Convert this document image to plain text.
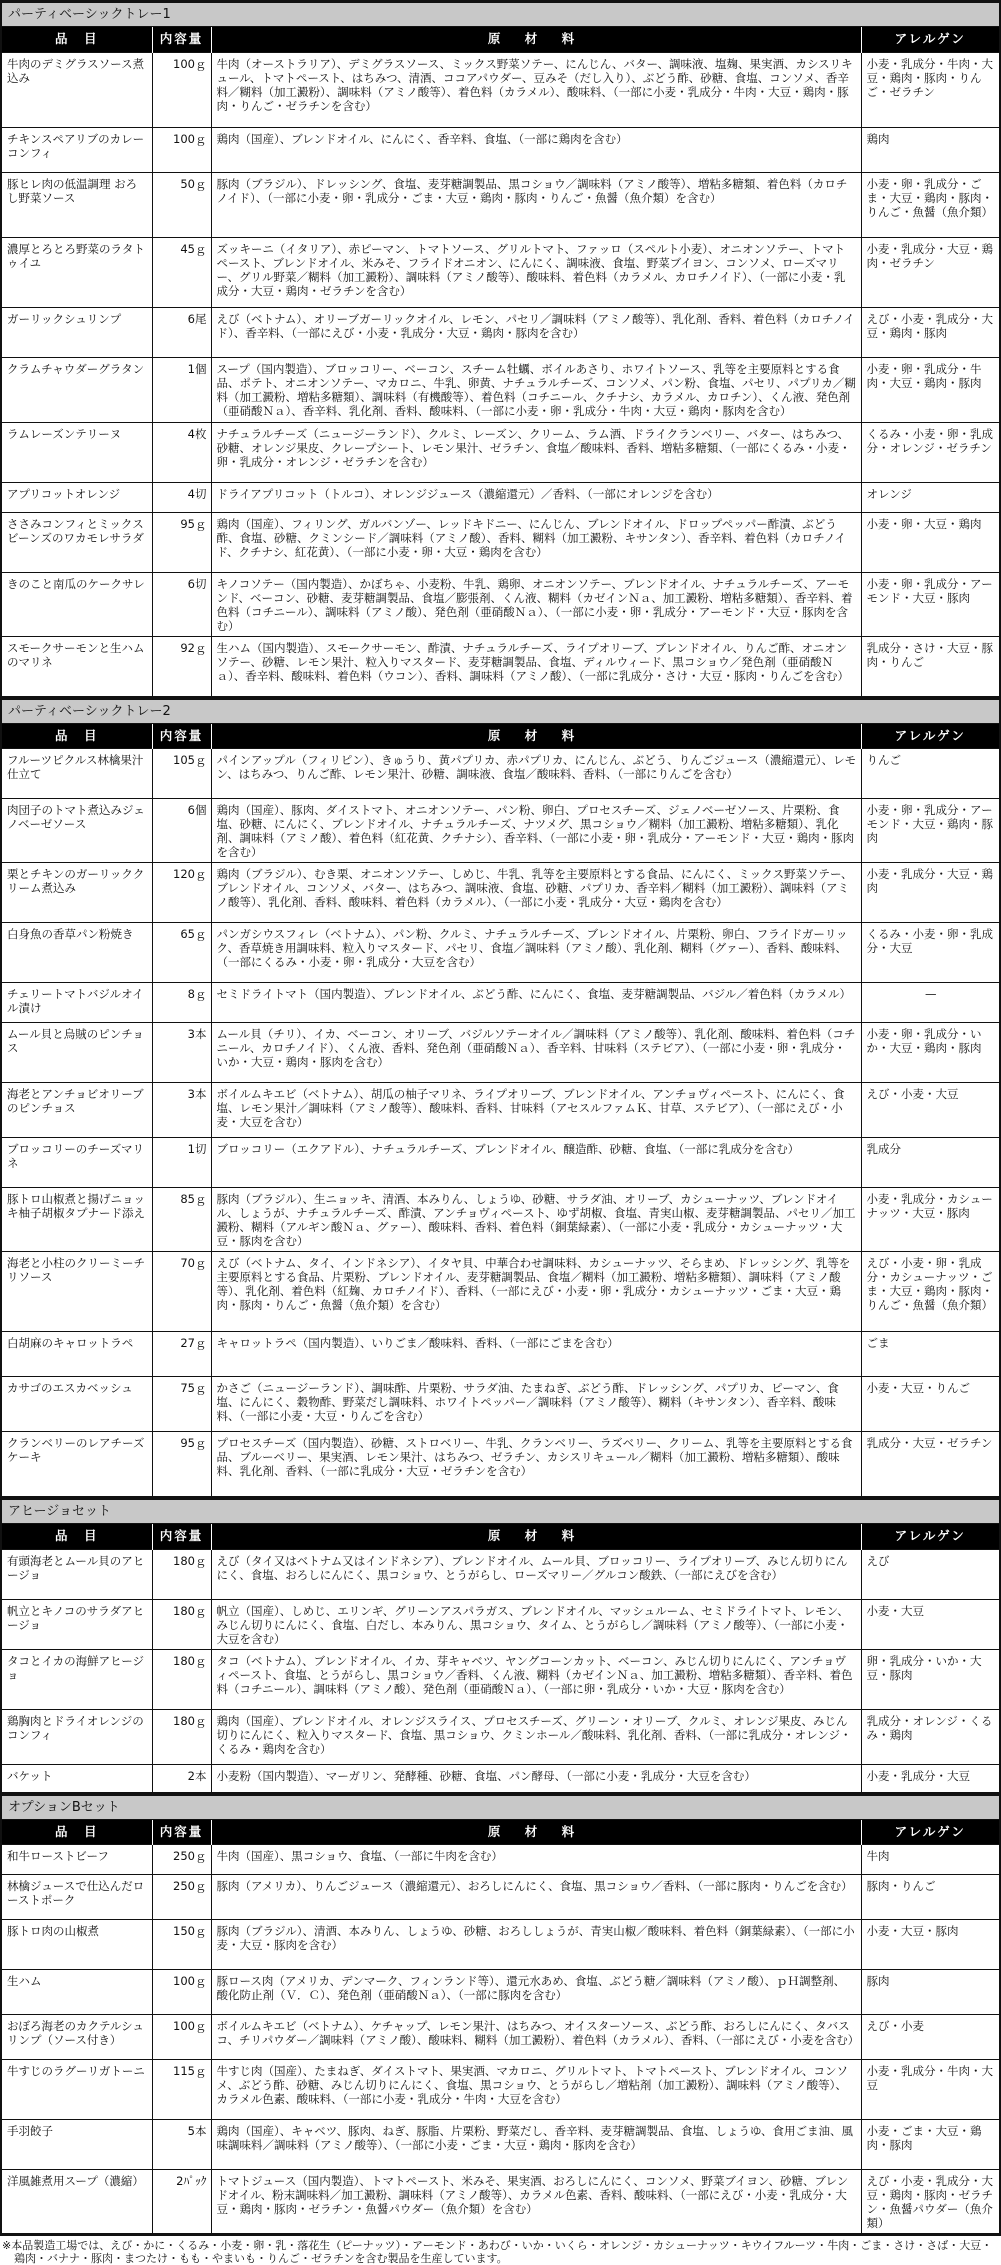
パーティベーシックトレー1
品　目	内容量	原 材 料	アレルゲン
牛肉のデミグラスソース煮込み	100ｇ	牛肉（オーストラリア）、デミグラスソース、ミックス野菜ソテー、にんじん、バター、調味液、塩麹、果実酒、カシスリキュール、トマトペースト、はちみつ、清酒、ココアパウダー、豆みそ（だし入り）、ぶどう酢、砂糖、食塩、コンソメ、香辛料／糊料（加工澱粉）、調味料（アミノ酸等）、着色料（カラメル）、酸味料、（一部に小麦・乳成分・牛肉・大豆・鶏肉・豚肉・りんご・ゼラチンを含む）	小麦・乳成分・牛肉・大豆・鶏肉・豚肉・りんご・ゼラチン
チキンスペアリブのカレーコンフィ	100ｇ	鶏肉（国産）、ブレンドオイル、にんにく、香辛料、食塩、（一部に鶏肉を含む）	鶏肉
豚ヒレ肉の低温調理 おろし野菜ソース	50ｇ	豚肉（ブラジル）、ドレッシング、食塩、麦芽糖調製品、黒コショウ／調味料（アミノ酸等）、増粘多糖類、着色料（カロチノイド）、（一部に小麦・卵・乳成分・ごま・大豆・鶏肉・豚肉・りんご・魚醤（魚介類）を含む）	小麦・卵・乳成分・ごま・大豆・鶏肉・豚肉・りんご・魚醤（魚介類）
濃厚とろとろ野菜のラタトゥイユ	45ｇ	ズッキーニ（イタリア）、赤ピーマン、トマトソース、グリルトマト、ファッロ（スペルト小麦）、オニオンソテー、トマトペースト、ブレンドオイル、米みそ、フライドオニオン、にんにく、調味液、食塩、野菜ブイヨン、コンソメ、ローズマリー、グリル野菜／糊料（加工澱粉）、調味料（アミノ酸等）、酸味料、着色料（カラメル、カロチノイド）、（一部に小麦・乳成分・大豆・鶏肉・ゼラチンを含む）	小麦・乳成分・大豆・鶏肉・ゼラチン
ガーリックシュリンプ	6尾	えび（ベトナム）、オリーブガーリックオイル、レモン、パセリ／調味料（アミノ酸等）、乳化剤、香料、着色料（カロチノイド）、香辛料、（一部にえび・小麦・乳成分・大豆・鶏肉・豚肉を含む）	えび・小麦・乳成分・大豆・鶏肉・豚肉
クラムチャウダーグラタン	1個	スープ（国内製造）、ブロッコリー、ベーコン、スチーム牡蠣、ボイルあさり、ホワイトソース、乳等を主要原料とする食品、ポテト、オニオンソテー、マカロニ、牛乳、卵黄、ナチュラルチーズ、コンソメ、パン粉、食塩、パセリ、パプリカ／糊料（加工澱粉、増粘多糖類）、調味料（有機酸等）、着色料（コチニール、クチナシ、カラメル、カロチン）、くん液、発色剤（亜硝酸Ｎａ）、香辛料、乳化剤、香料、酸味料、（一部に小麦・卵・乳成分・牛肉・大豆・鶏肉・豚肉を含む）	小麦・卵・乳成分・牛肉・大豆・鶏肉・豚肉
ラムレーズンテリーヌ	4枚	ナチュラルチーズ（ニュージーランド）、クルミ、レーズン、クリーム、ラム酒、ドライクランベリー、バター、はちみつ、砂糖、オレンジ果皮、クレープシート、レモン果汁、ゼラチン、食塩／酸味料、香料、増粘多糖類、（一部にくるみ・小麦・卵・乳成分・オレンジ・ゼラチンを含む）	くるみ・小麦・卵・乳成分・オレンジ・ゼラチン
アプリコットオレンジ	4切	ドライアプリコット（トルコ）、オレンジジュース（濃縮還元）／香料、（一部にオレンジを含む）	オレンジ
ささみコンフィとミックスビーンズのワカモレサラダ	95ｇ	鶏肉（国産）、フィリング、ガルバンゾー、レッドキドニー、にんじん、ブレンドオイル、ドロップペッパー酢漬、ぶどう酢、食塩、砂糖、クミンシード／調味料（アミノ酸）、香料、糊料（加工澱粉、キサンタン）、香辛料、着色料（カロチノイド、クチナシ、紅花黄）、（一部に小麦・卵・大豆・鶏肉を含む）	小麦・卵・大豆・鶏肉
きのこと南瓜のケークサレ	6切	キノコソテー（国内製造）、かぼちゃ、小麦粉、牛乳、鶏卵、オニオンソテー、ブレンドオイル、ナチュラルチーズ、アーモンド、ベーコン、砂糖、麦芽糖調製品、食塩／膨張剤、くん液、糊料（カゼインＮａ、加工澱粉、増粘多糖類）、香辛料、着色料（コチニール）、調味料（アミノ酸）、発色剤（亜硝酸Ｎａ）、（一部に小麦・卵・乳成分・アーモンド・大豆・豚肉を含む）	小麦・卵・乳成分・アーモンド・大豆・豚肉
スモークサーモンと生ハムのマリネ	92ｇ	生ハム（国内製造）、スモークサーモン、酢漬、ナチュラルチーズ、ライプオリーブ、ブレンドオイル、りんご酢、オニオンソテー、砂糖、レモン果汁、粒入りマスタード、麦芽糖調製品、食塩、ディルウィード、黒コショウ／発色剤（亜硝酸Ｎａ）、香辛料、酸味料、着色料（ウコン）、香料、調味料（アミノ酸）、（一部に乳成分・さけ・大豆・豚肉・りんごを含む）	乳成分・さけ・大豆・豚肉・りんご
パーティベーシックトレー2
品　目	内容量	原 材 料	アレルゲン
フルーツピクルス林檎果汁仕立て	105ｇ	パインアップル（フィリピン）、きゅうり、黄パプリカ、赤パプリカ、にんじん、ぶどう、りんごジュース（濃縮還元）、レモン、はちみつ、りんご酢、レモン果汁、砂糖、調味液、食塩／酸味料、香料、（一部にりんごを含む）	りんご
肉団子のトマト煮込みジェノベーゼソース	6個	鶏肉（国産）、豚肉、ダイストマト、オニオンソテー、パン粉、卵白、プロセスチーズ、ジェノベーゼソース、片栗粉、食塩、砂糖、にんにく、ブレンドオイル、ナチュラルチーズ、ナツメグ、黒コショウ／糊料（加工澱粉、増粘多糖類）、乳化剤、調味料（アミノ酸）、着色料（紅花黄、クチナシ）、香辛料、（一部に小麦・卵・乳成分・アーモンド・大豆・鶏肉・豚肉を含む）	小麦・卵・乳成分・アーモンド・大豆・鶏肉・豚肉
栗とチキンのガーリッククリーム煮込み	120ｇ	鶏肉（ブラジル）、むき栗、オニオンソテー、しめじ、牛乳、乳等を主要原料とする食品、にんにく、ミックス野菜ソテー、ブレンドオイル、コンソメ、バター、はちみつ、調味液、食塩、砂糖、パプリカ、香辛料／糊料（加工澱粉）、調味料（アミノ酸等）、乳化剤、香料、酸味料、着色料（カラメル）、（一部に小麦・乳成分・大豆・鶏肉を含む）	小麦・乳成分・大豆・鶏肉
白身魚の香草パン粉焼き	65ｇ	パンガシウスフィレ（ベトナム）、パン粉、クルミ、ナチュラルチーズ、ブレンドオイル、片栗粉、卵白、フライドガーリック、香草焼き用調味料、粒入りマスタード、パセリ、食塩／調味料（アミノ酸）、乳化剤、糊料（グァー）、香料、酸味料、（一部にくるみ・小麦・卵・乳成分・大豆を含む）	くるみ・小麦・卵・乳成分・大豆
チェリートマトバジルオイル漬け	8ｇ	セミドライトマト（国内製造）、ブレンドオイル、ぶどう酢、にんにく、食塩、麦芽糖調製品、バジル／着色料（カラメル）	—
ムール貝と烏賊のピンチョス	3本	ムール貝（チリ）、イカ、ベーコン、オリーブ、バジルソテーオイル／調味料（アミノ酸等）、乳化剤、酸味料、着色料（コチニール、カロチノイド）、くん液、香料、発色剤（亜硝酸Ｎａ）、香辛料、甘味料（ステビア）、（一部に小麦・卵・乳成分・いか・大豆・鶏肉・豚肉を含む）	小麦・卵・乳成分・いか・大豆・鶏肉・豚肉
海老とアンチョビオリーブのピンチョス	3本	ボイルムキエビ（ベトナム）、胡瓜の柚子マリネ、ライプオリーブ、ブレンドオイル、アンチョヴィペースト、にんにく、食塩、レモン果汁／調味料（アミノ酸等）、酸味料、香料、甘味料（アセスルファムＫ、甘草、ステビア）、（一部にえび・小麦・大豆を含む）	えび・小麦・大豆
ブロッコリーのチーズマリネ	1切	ブロッコリー（エクアドル）、ナチュラルチーズ、ブレンドオイル、醸造酢、砂糖、食塩、（一部に乳成分を含む）	乳成分
豚トロ山椒煮と揚げニョッキ柚子胡椒タプナード添え	85ｇ	豚肉（ブラジル）、生ニョッキ、清酒、本みりん、しょうゆ、砂糖、サラダ油、オリーブ、カシューナッツ、ブレンドオイル、しょうが、ナチュラルチーズ、酢漬、アンチョヴィペースト、ゆず胡椒、食塩、青実山椒、麦芽糖調製品、パセリ／加工澱粉、糊料（アルギン酸Ｎａ、グァー）、酸味料、香料、着色料（銅葉緑素）、（一部に小麦・乳成分・カシューナッツ・大豆・豚肉を含む）	小麦・乳成分・カシューナッツ・大豆・豚肉
海老と小柱のクリーミーチリソース	70ｇ	えび（ベトナム、タイ、インドネシア）、イタヤ貝、中華合わせ調味料、カシューナッツ、そらまめ、ドレッシング、乳等を主要原料とする食品、片栗粉、ブレンドオイル、麦芽糖調製品、食塩／糊料（加工澱粉、増粘多糖類）、調味料（アミノ酸等）、乳化剤、着色料（紅麹、カロチノイド）、香料、（一部にえび・小麦・卵・乳成分・カシューナッツ・ごま・大豆・鶏肉・豚肉・りんご・魚醤（魚介類）を含む）	えび・小麦・卵・乳成分・カシューナッツ・ごま・大豆・鶏肉・豚肉・りんご・魚醤（魚介類）
白胡麻のキャロットラペ	27ｇ	キャロットラペ（国内製造）、いりごま／酸味料、香料、（一部にごまを含む）	ごま
カサゴのエスカベッシュ	75ｇ	かさご（ニュージーランド）、調味酢、片栗粉、サラダ油、たまねぎ、ぶどう酢、ドレッシング、パプリカ、ピーマン、食塩、にんにく、穀物酢、野菜だし調味料、ホワイトペッパー／調味料（アミノ酸等）、糊料（キサンタン）、香辛料、酸味料、（一部に小麦・大豆・りんごを含む）	小麦・大豆・りんご
クランベリーのレアチーズケーキ	95ｇ	プロセスチーズ（国内製造）、砂糖、ストロベリー、牛乳、クランベリー、ラズベリー、クリーム、乳等を主要原料とする食品、ブルーベリー、果実酒、レモン果汁、はちみつ、ゼラチン、カシスリキュール／糊料（加工澱粉、増粘多糖類）、酸味料、乳化剤、香料、（一部に乳成分・大豆・ゼラチンを含む）	乳成分・大豆・ゼラチン
アヒージョセット
品　目	内容量	原 材 料	アレルゲン
有頭海老とムール貝のアヒージョ	180ｇ	えび（タイ又はベトナム又はインドネシア）、ブレンドオイル、ムール貝、ブロッコリー、ライプオリーブ、みじん切りにんにく、食塩、おろしにんにく、黒コショウ、とうがらし、ローズマリー／グルコン酸鉄、（一部にえびを含む）	えび
帆立とキノコのサラダアヒージョ	180ｇ	帆立（国産）、しめじ、エリンギ、グリーンアスパラガス、ブレンドオイル、マッシュルーム、セミドライトマト、レモン、みじん切りにんにく、食塩、白だし、本みりん、黒コショウ、タイム、とうがらし／調味料（アミノ酸等）、（一部に小麦・大豆を含む）	小麦・大豆
タコとイカの海鮮アヒージョ	180ｇ	タコ（ベトナム）、ブレンドオイル、イカ、芽キャベツ、ヤングコーンカット、ベーコン、みじん切りにんにく、アンチョヴィペースト、食塩、とうがらし、黒コショウ／香料、くん液、糊料（カゼインＮａ、加工澱粉、増粘多糖類）、香辛料、着色料（コチニール）、調味料（アミノ酸）、発色剤（亜硝酸Ｎａ）、（一部に卵・乳成分・いか・大豆・豚肉を含む）	卵・乳成分・いか・大豆・豚肉
鶏胸肉とドライオレンジのコンフィ	180ｇ	鶏肉（国産）、ブレンドオイル、オレンジスライス、プロセスチーズ、グリーン・オリーブ、クルミ、オレンジ果皮、みじん切りにんにく、粒入りマスタード、食塩、黒コショウ、クミンホール／酸味料、乳化剤、香料、（一部に乳成分・オレンジ・くるみ・鶏肉を含む）	乳成分・オレンジ・くるみ・鶏肉
バケット	2本	小麦粉（国内製造）、マーガリン、発酵種、砂糖、食塩、パン酵母、（一部に小麦・乳成分・大豆を含む）	小麦・乳成分・大豆
オプションBセット
品　目	内容量	原 材 料	アレルゲン
和牛ローストビーフ	250ｇ	牛肉（国産）、黒コショウ、食塩、（一部に牛肉を含む）	牛肉
林檎ジュースで仕込んだローストポーク	250ｇ	豚肉（アメリカ）、りんごジュース（濃縮還元）、おろしにんにく、食塩、黒コショウ／香料、（一部に豚肉・りんごを含む）	豚肉・りんご
豚トロ肉の山椒煮	150ｇ	豚肉（ブラジル）、清酒、本みりん、しょうゆ、砂糖、おろししょうが、青実山椒／酸味料、着色料（銅葉緑素）、（一部に小麦・大豆・豚肉を含む）	小麦・大豆・豚肉
生ハム	100ｇ	豚ロース肉（アメリカ、デンマーク、フィンランド等）、還元水あめ、食塩、ぶどう糖／調味料（アミノ酸）、ｐＨ調整剤、酸化防止剤（Ｖ．Ｃ）、発色剤（亜硝酸Ｎａ）、（一部に豚肉を含む）	豚肉
おぼろ海老のカクテルシュリンプ（ソース付き）	100ｇ	ボイルムキエビ（ベトナム）、ケチャップ、レモン果汁、はちみつ、オイスターソース、ぶどう酢、おろしにんにく、タバスコ、チリパウダー／調味料（アミノ酸）、酸味料、糊料（加工澱粉）、着色料（カラメル）、香料、（一部にえび・小麦を含む）	えび・小麦
牛すじのラグーリガトーニ	115ｇ	牛すじ肉（国産）、たまねぎ、ダイストマト、果実酒、マカロニ、グリルトマト、トマトペースト、ブレンドオイル、コンソメ、ぶどう酢、砂糖、みじん切りにんにく、食塩、黒コショウ、とうがらし／増粘剤（加工澱粉）、調味料（アミノ酸等）、カラメル色素、酸味料、（一部に小麦・乳成分・牛肉・大豆を含む）	小麦・乳成分・牛肉・大豆
手羽餃子	5本	鶏肉（国産）、キャベツ、豚肉、ねぎ、豚脂、片栗粉、野菜だし、香辛料、麦芽糖調製品、食塩、しょうゆ、食用ごま油、風味調味料／調味料（アミノ酸等）、（一部に小麦・ごま・大豆・鶏肉・豚肉を含む）	小麦・ごま・大豆・鶏肉・豚肉
洋風雑煮用スープ（濃縮）	2ﾊﾟｯｸ	トマトジュース（国内製造）、トマトペースト、米みそ、果実酒、おろしにんにく、コンソメ、野菜ブイヨン、砂糖、ブレンドオイル、粉末調味料／加工澱粉、調味料（アミノ酸等）、カラメル色素、香料、酸味料、（一部にえび・小麦・乳成分・大豆・鶏肉・豚肉・ゼラチン・魚醤パウダー（魚介類）を含む）	えび・小麦・乳成分・大豆・鶏肉・豚肉・ゼラチン・魚醤パウダー（魚介類）

※本品製造工場では、えび・かに・くるみ・小麦・卵・乳・落花生（ピーナッツ）・アーモンド・あわび・いか・いくら・オレンジ・カシューナッツ・キウイフルーツ・牛肉・ごま・さけ・さば・大豆・鶏肉・バナナ・豚肉・まつたけ・もも・やまいも・りんご・ゼラチンを含む製品を生産しています。
